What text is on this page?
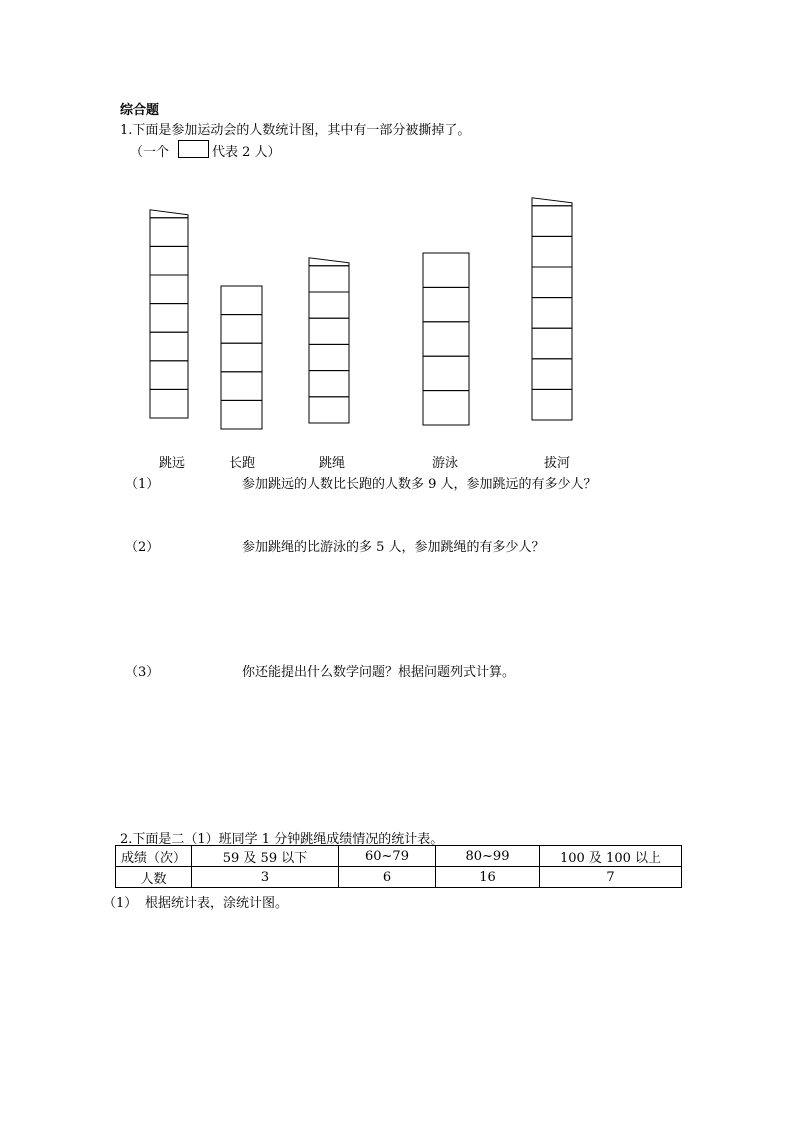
综合题
1.下面是参加运动会的人数统计图，其中有一部分被撕掉了。
（一个	代表 2 人）
跳远	长跑	跳绳	游泳	拔河
（1）	参加跳远的人数比长跑的人数多 9 人，参加跳远的有多少人？
（2）	参加跳绳的比游泳的多 5 人，参加跳绳的有多少人？
（3）	你还能提出什么数学问题？根据问题列式计算。
2.下面是二（1）班同学 1 分钟跳绳成绩情况的统计表。
成绩（次）	59 及 59 以下	60~79	80~99	100 及 100 以上
人数	3	6	16	7
（1） 根据统计表，涂统计图。
